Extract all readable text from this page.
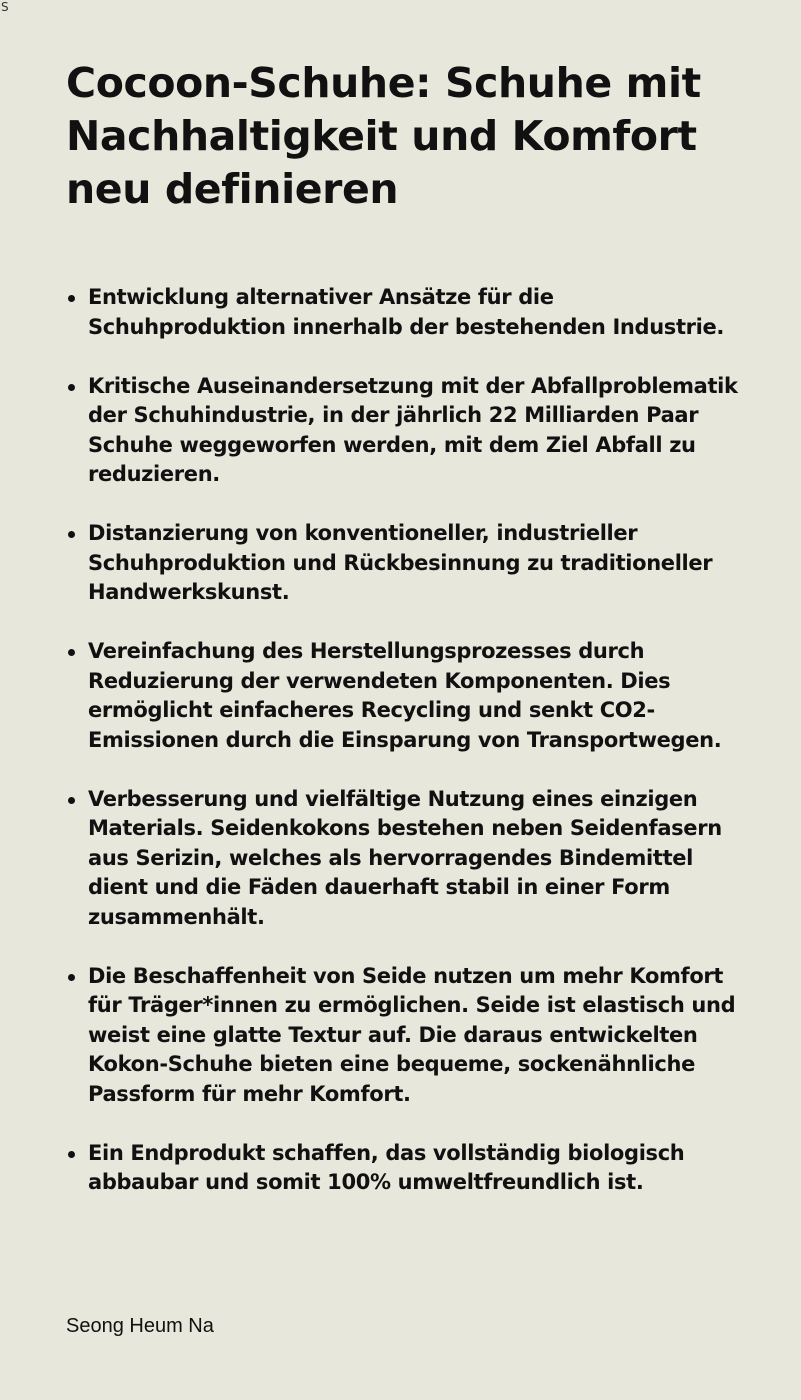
S
Cocoon-Schuhe: Schuhe mit Nachhaltigkeit und Komfort neu definieren
Entwicklung alternativer Ansätze für die Schuhproduktion innerhalb der bestehenden Industrie.
Kritische Auseinandersetzung mit der Abfallproblematik der Schuhindustrie, in der jährlich 22 Milliarden Paar Schuhe weggeworfen werden, mit dem Ziel Abfall zu reduzieren.
Distanzierung von konventioneller, industrieller Schuhproduktion und Rückbesinnung zu traditioneller Handwerkskunst.
Vereinfachung des Herstellungsprozesses durch Reduzierung der verwendeten Komponenten. Dies ermöglicht einfacheres Recycling und senkt CO2-Emissionen durch die Einsparung von Transportwegen.
Verbesserung und vielfältige Nutzung eines einzigen Materials. Seidenkokons bestehen neben Seidenfasern aus Serizin, welches als hervorragendes Bindemittel dient und die Fäden dauerhaft stabil in einer Form zusammenhält.
Die Beschaffenheit von Seide nutzen um mehr Komfort für Träger*innen zu ermöglichen. Seide ist elastisch und weist eine glatte Textur auf. Die daraus entwickelten Kokon-Schuhe bieten eine bequeme, sockenähnliche Passform für mehr Komfort.
Ein Endprodukt schaffen, das vollständig biologisch abbaubar und somit 100% umweltfreundlich ist.
Seong Heum Na
